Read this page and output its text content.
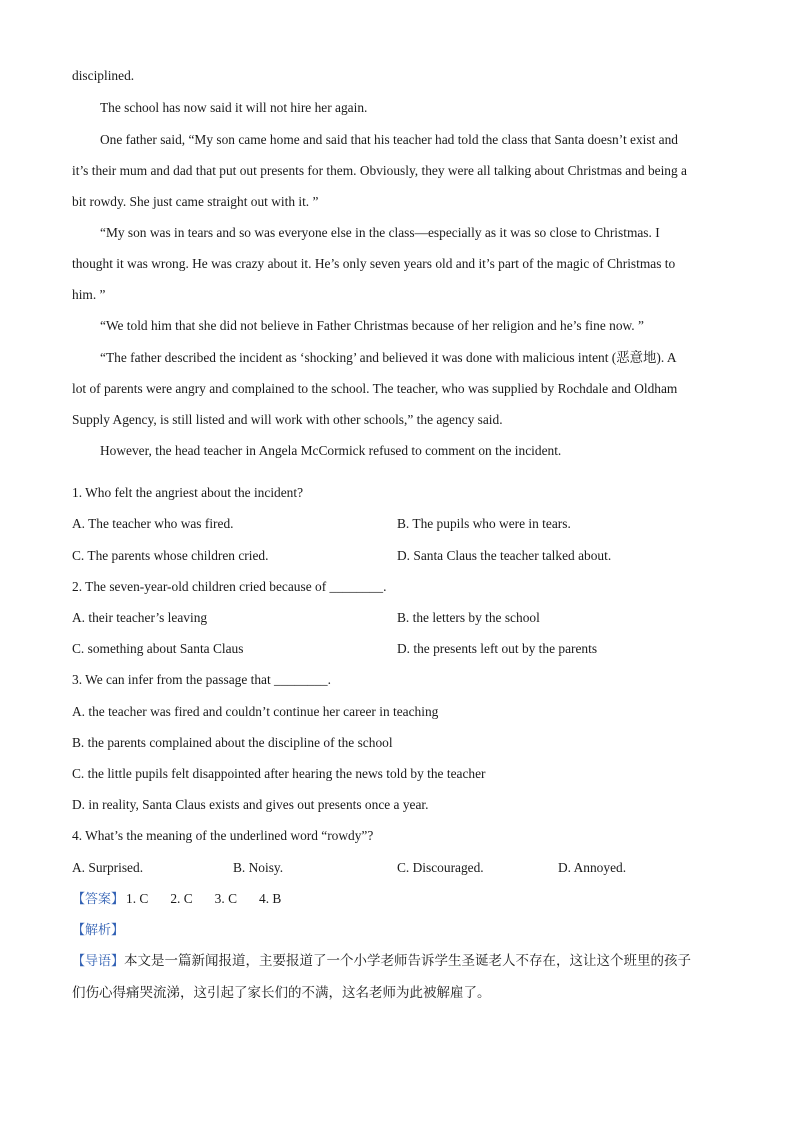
disciplined.

The school has now said it will not hire her again.

One father said, “My son came home and said that his teacher had told the class that Santa doesn’t exist and

it’s their mum and dad that put out presents for them. Obviously, they were all talking about Christmas and being a

bit rowdy. She just came straight out with it. ”

“My son was in tears and so was everyone else in the class—especially as it was so close to Christmas. I

thought it was wrong. He was crazy about it. He’s only seven years old and it’s part of the magic of Christmas to

him. ”

“We told him that she did not believe in Father Christmas because of her religion and he’s fine now. ”

“The father described the incident as ‘shocking’ and believed it was done with malicious intent (恶意地). A

lot of parents were angry and complained to the school. The teacher, who was supplied by Rochdale and Oldham

Supply Agency, is still listed and will work with other schools,” the agency said.

However, the head teacher in Angela McCormick refused to comment on the incident.

1. Who felt the angriest about the incident?

A. The teacher who was fired.	B. The pupils who were in tears.

C. The parents whose children cried.	D. Santa Claus the teacher talked about.

2. The seven-year-old children cried because of ________.

A. their teacher’s leaving	B. the letters by the school

C. something about Santa Claus	D. the presents left out by the parents

3. We can infer from the passage that ________.

A. the teacher was fired and couldn’t continue her career in teaching

B. the parents complained about the discipline of the school

C. the little pupils felt disappointed after hearing the news told by the teacher

D. in reality, Santa Claus exists and gives out presents once a year.

4. What’s the meaning of the underlined word “rowdy”?

A. Surprised.	B. Noisy.	C. Discouraged.	D. Annoyed.

【答案】 1. C 2. C 3. C 4. B

【解析】

【导语】本文是一篇新闻报道，主要报道了一个小学老师告诉学生圣诞老人不存在，这让这个班里的孩子

们伤心得痛哭流涕，这引起了家长们的不满，这名老师为此被解雇了。
